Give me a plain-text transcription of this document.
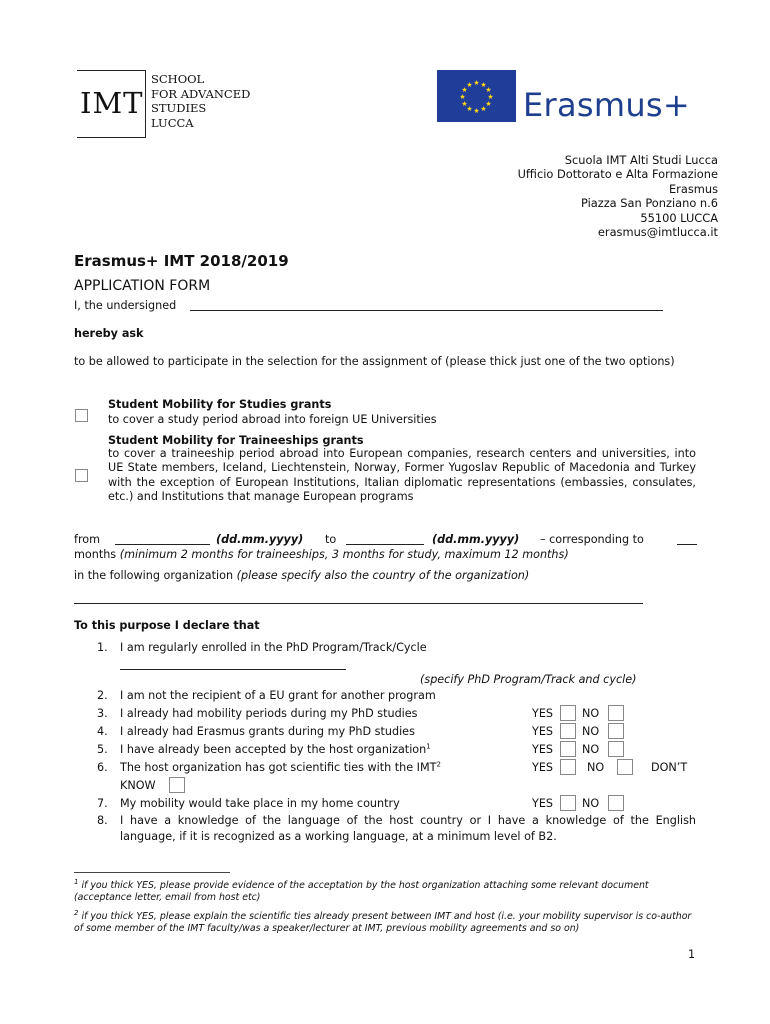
IMT
SCHOOL
FOR ADVANCED
STUDIES
LUCCA
★ ★
★
★
★
★
★
★
★
★
★
★
Erasmus+
Scuola IMT Alti Studi Lucca
Ufficio Dottorato e Alta Formazione
Erasmus
Piazza San Ponziano n.6
55100 LUCCA
erasmus@imtlucca.it
Erasmus+ IMT 2018/2019
APPLICATION FORM
I, the undersigned
hereby ask
to be allowed to participate in the selection for the assignment of (please thick just one of the two options)
Student Mobility for Studies grants
to cover a study period abroad into foreign UE Universities
Student Mobility for Traineeships grants
to cover a traineeship period abroad into European companies, research centers and universities, into UE State members, Iceland, Liechtenstein, Norway, Former Yugoslav Republic of Macedonia and Turkey with the exception of European Institutions, Italian diplomatic representations (embassies, consulates, etc.) and Institutions that manage European programs
from	(dd.mm.yyyy) to	(dd.mm.yyyy) – corresponding to
months (minimum 2 months for traineeships, 3 months for study, maximum 12 months)
in the following organization (please specify also the country of the organization)
To this purpose I declare that
1. I am regularly enrolled in the PhD Program/Track/Cycle
(specify PhD Program/Track and cycle)
2. I am not the recipient of a EU grant for another program
3. I already had mobility periods during my PhD studies	YES	NO
4. I already had Erasmus grants during my PhD studies	YES	NO
5. I have already been accepted by the host organization$^1$	YES	NO
6. The host organization has got scientific ties with the IMT$^2$	YES	NO	DON’T
KNOW
7. My mobility would take place in my home country	YES	NO
8. I have a knowledge of the language of the host country or I have a knowledge of the English language, if it is recognized as a working language, at a minimum level of B2.
$^1$ if you thick YES, please provide evidence of the acceptation by the host organization attaching some relevant document (acceptance letter, email from host etc)
$^2$ if you thick YES, please explain the scientific ties already present between IMT and host (i.e. your mobility supervisor is co-author of some member of the IMT faculty/was a speaker/lecturer at IMT, previous mobility agreements and so on)
1
